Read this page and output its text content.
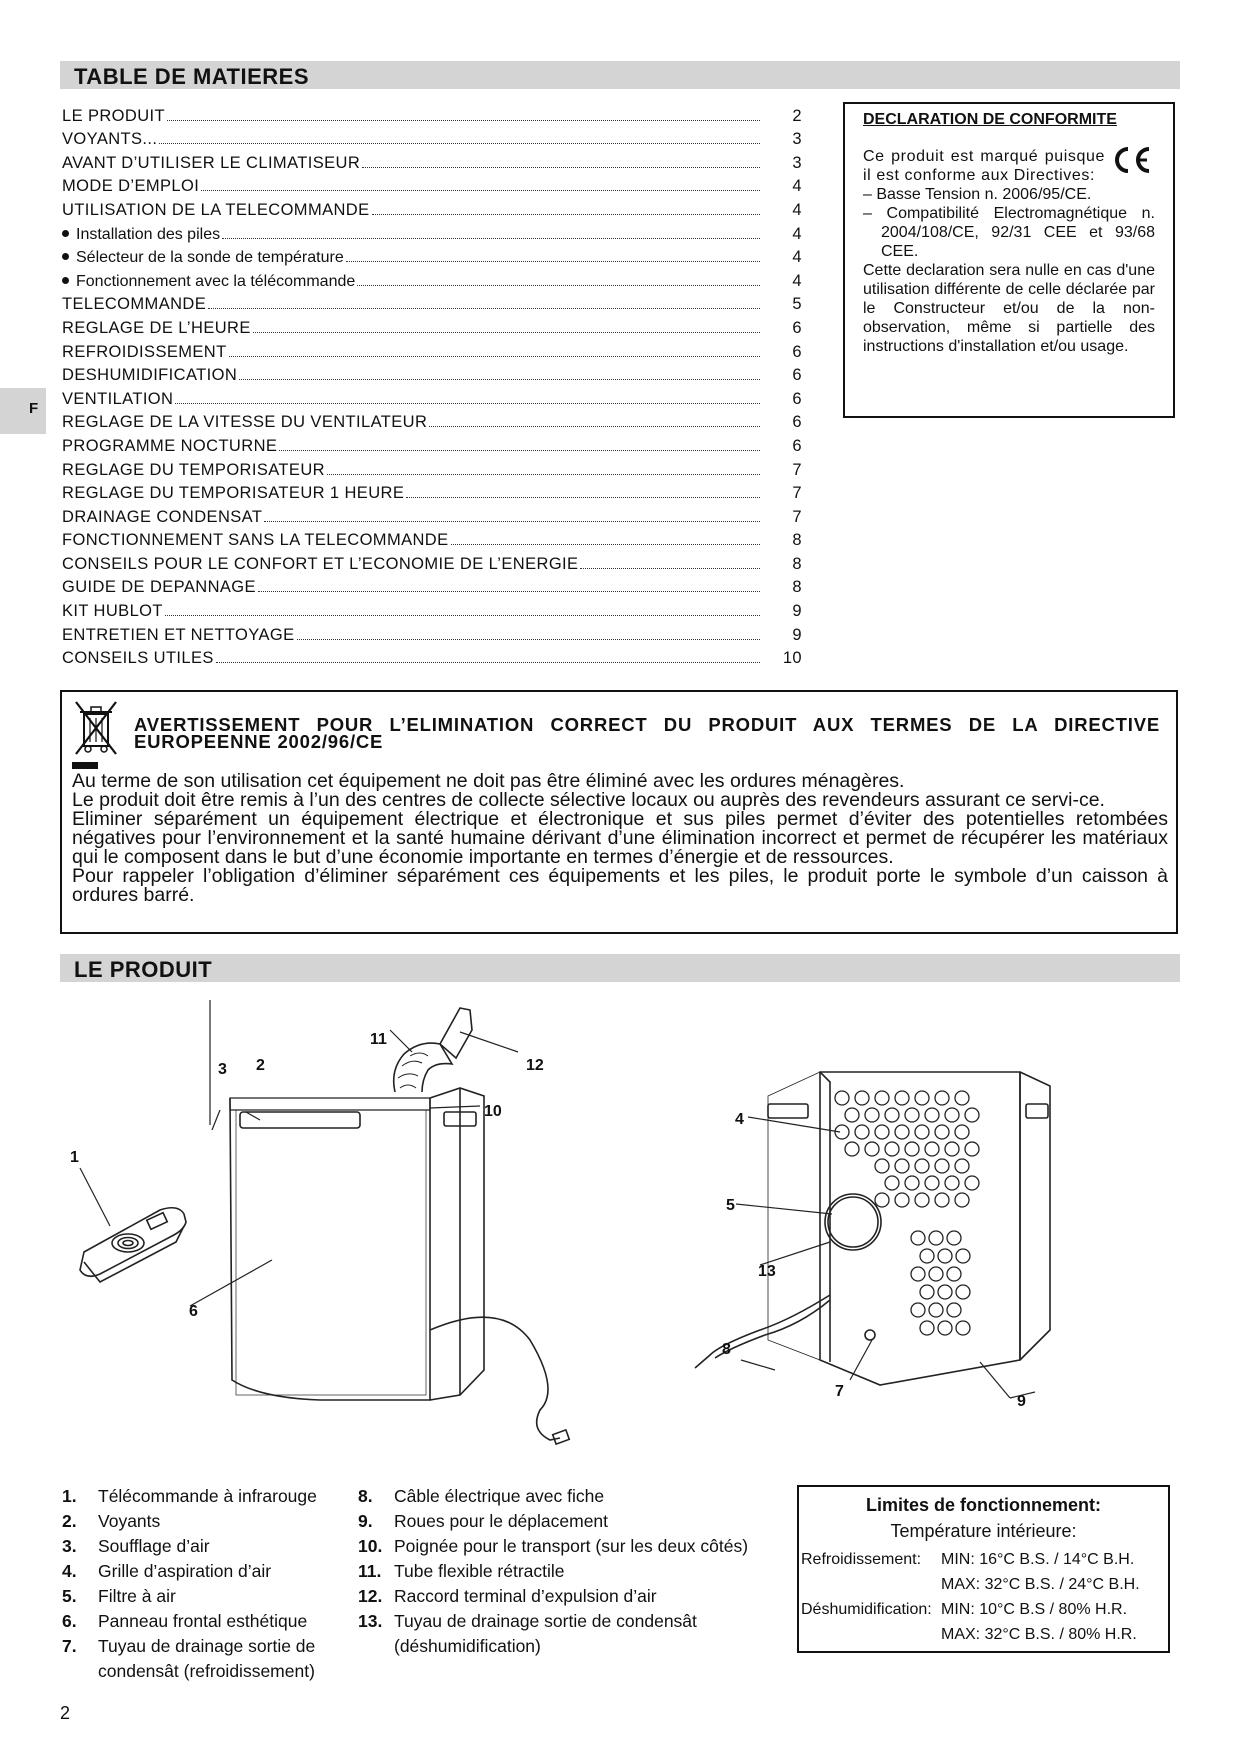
TABLE DE MATIERES
F
LE PRODUIT	2
VOYANTS...	3
AVANT D’UTILISER LE CLIMATISEUR	3
MODE D’EMPLOI	4
UTILISATION DE LA TELECOMMANDE	4
Installation des piles	4
Sélecteur de la sonde de température	4
Fonctionnement avec la télécommande	4
TELECOMMANDE	5
REGLAGE DE L’HEURE	6
REFROIDISSEMENT	6
DESHUMIDIFICATION	6
VENTILATION	6
REGLAGE DE LA VITESSE DU VENTILATEUR	6
PROGRAMME NOCTURNE	6
REGLAGE DU TEMPORISATEUR	7
REGLAGE DU TEMPORISATEUR 1 HEURE	7
DRAINAGE CONDENSAT	7
FONCTIONNEMENT SANS LA TELECOMMANDE	8
CONSEILS POUR LE CONFORT ET L’ECONOMIE DE L’ENERGIE	8
GUIDE DE DEPANNAGE	8
KIT HUBLOT	9
ENTRETIEN ET NETTOYAGE	9
CONSEILS UTILES	10
DECLARATION DE CONFORMITE

Ce produit est marqué puisque il est conforme aux Directives:

– Basse Tension n. 2006/95/CE.

– Compatibilité Electromagnétique n. 2004/108/CE, 92/31 CEE et 93/68 CEE.

Cette declaration sera nulle en cas d'une utilisation différente de celle déclarée par le Constructeur et/ou de la non-observation, même si partielle des instructions d'installation et/ou usage.

AVERTISSEMENT POUR L’ELIMINATION CORRECT DU PRODUIT AUX TERMES DE LA DIRECTIVE EUROPEENNE 2002/96/CE

Au terme de son utilisation cet équipement ne doit pas être éliminé avec les ordures ménagères.

Le produit doit être remis à l’un des centres de collecte sélective locaux ou auprès des revendeurs assurant ce servi-ce.

Eliminer séparément un équipement électrique et électronique et sus piles permet d’éviter des potentielles retombées négatives pour l’environnement et la santé humaine dérivant d’une élimination incorrect et permet de récupérer les matériaux qui le composent dans le but d’une économie importante en termes d’énergie et de ressources.

Pour rappeler l’obligation d’éliminer séparément ces équipements et les piles, le produit porte le symbole d’un caisson à ordures barré.

LE PRODUIT
1
2
3
4
5
6
7
8
9
10
11
12
13
1.	Télécommande à infrarouge
2.	Voyants
3.	Soufflage d’air
4.	Grille d’aspiration d’air
5.	Filtre à air
6.	Panneau frontal esthétique
7.	Tuyau de drainage sortie de
condensât (refroidissement)
8.	Câble électrique avec fiche
9.	Roues pour le déplacement
10. Poignée pour le transport (sur les deux côtés)
11. Tube flexible rétractile
12. Raccord terminal d’expulsion d’air
13. Tuyau de drainage sortie de condensât
(déshumidification)
Limites de fonctionnement:
Température intérieure:
Refroidissement:	MIN: 16°C B.S. / 14°C B.H.
MAX: 32°C B.S. / 24°C B.H.
Déshumidification: MIN: 10°C B.S / 80% H.R.
MAX: 32°C B.S. / 80% H.R.
2
